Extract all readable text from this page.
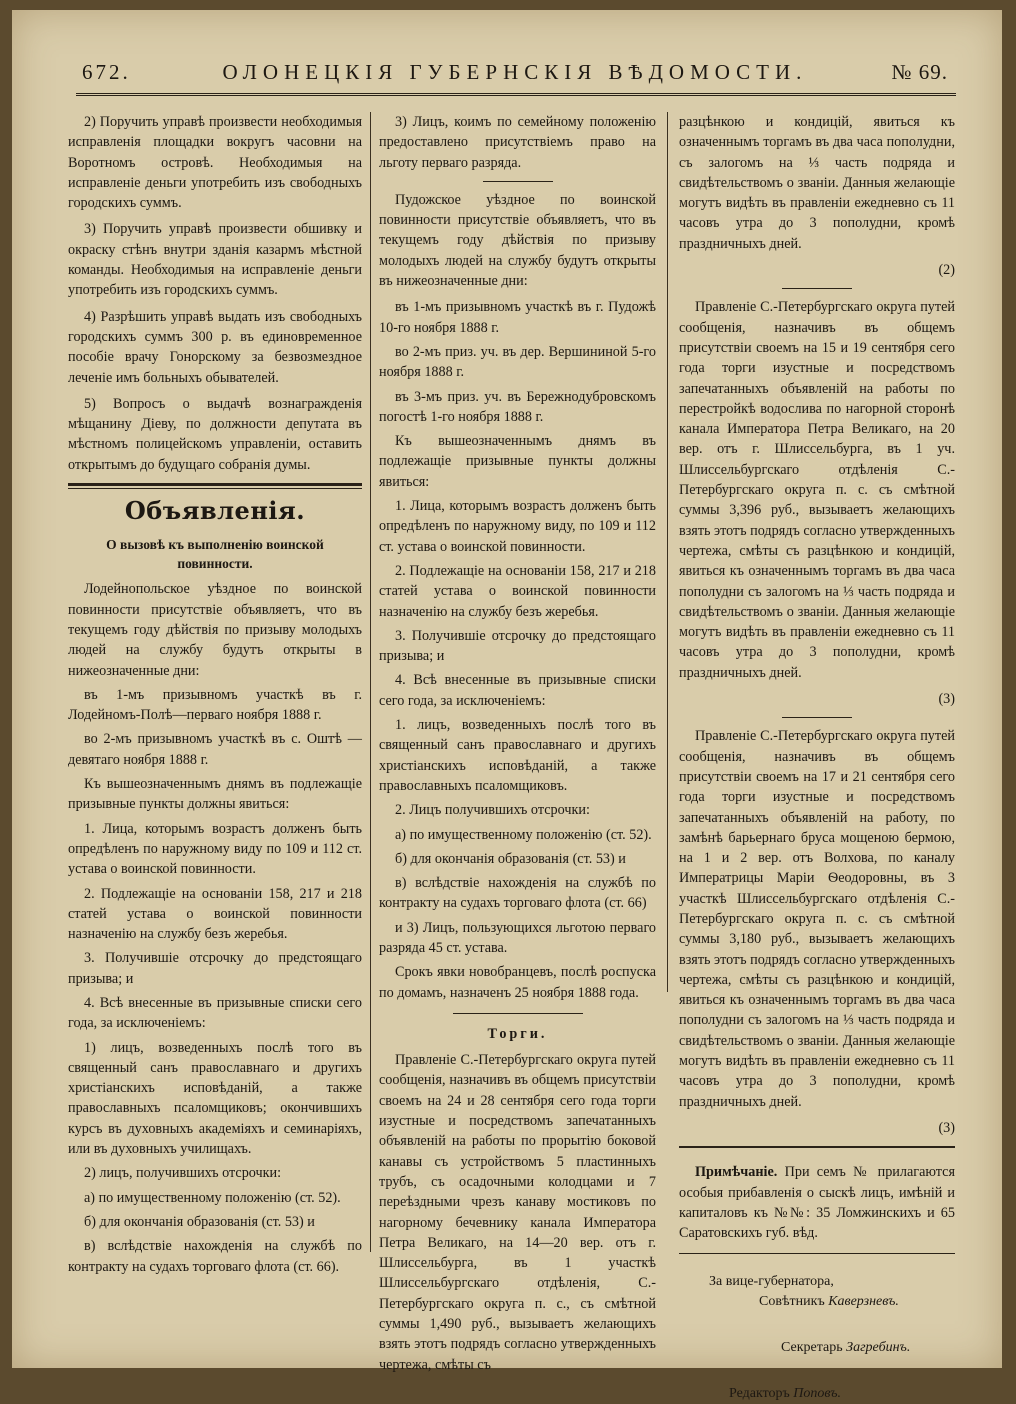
672.	ОЛОНЕЦКІЯ ГУБЕРНСКІЯ ВѢДОМОСТИ.	№ 69.

2) Поручить управѣ произвести необходимыя исправленія площадки вокругъ часовни на Воротномъ островѣ. Необходимыя на исправленіе деньги употребить изъ свободныхъ городскихъ суммъ.

3) Поручить управѣ произвести обшивку и окраску стѣнъ внутри зданія казармъ мѣстной команды. Необходимыя на исправленіе деньги употребить изъ городскихъ суммъ.

4) Разрѣшить управѣ выдать изъ свободныхъ городскихъ суммъ 300 р. въ единовременное пособіе врачу Гонорскому за безвозмездное леченіе имъ больныхъ обывателей.

5) Вопросъ о выдачѣ вознагражденія мѣщанину Діеву, по должности депутата въ мѣстномъ полицейскомъ управленіи, оставить открытымъ до будущаго собранія думы.

Объявленія.
О вызовѣ къ выполненію воинской повинности.

Лодейнопольское уѣздное по воинской повинности присутствіе объявляетъ, что въ текущемъ году дѣйствія по призыву молодыхъ людей на службу будутъ открыты в нижеозначенные дни:

въ 1-мъ призывномъ участкѣ въ г. Лодейномъ-Полѣ—перваго ноября 1888 г.

во 2-мъ призывномъ участкѣ въ с. Оштѣ —девятаго ноября 1888 г.

Къ вышеозначеннымъ днямъ въ подлежащіе призывные пункты должны явиться:

1. Лица, которымъ возрастъ долженъ быть опредѣленъ по наружному виду по 109 и 112 ст. устава о воинской повинности.

2. Подлежащіе на основаніи 158, 217 и 218 статей устава о воинской повинности назначенію на службу безъ жеребья.

3. Получившіе отсрочку до предстоящаго призыва; и

4. Всѣ внесенные въ призывные списки сего года, за исключеніемъ:

1) лицъ, возведенныхъ послѣ того въ священный санъ православнаго и другихъ христіанскихъ исповѣданій, а также православныхъ псаломщиковъ; окончившихъ курсъ въ духовныхъ академіяхъ и семинаріяхъ, или въ духовныхъ училищахъ.

2) лицъ, получившихъ отсрочки:

а) по имущественному положенію (ст. 52).

б) для окончанія образованія (ст. 53) и

в) вслѣдствіе нахожденія на службѣ по контракту на судахъ торговаго флота (ст. 66).

3) Лицъ, коимъ по семейному положенію предоставлено присутствіемъ право на льготу перваго разряда.

Пудожское уѣздное по воинской повинности присутствіе объявляетъ, что въ текущемъ году дѣйствія по призыву молодыхъ людей на службу будутъ открыты въ нижеозначенные дни:

въ 1-мъ призывномъ участкѣ въ г. Пудожѣ 10-го ноября 1888 г.

во 2-мъ приз. уч. въ дер. Вершининой 5-го ноября 1888 г.

въ 3-мъ приз. уч. въ Бережнодубровскомъ погостѣ 1-го ноября 1888 г.

Къ вышеозначеннымъ днямъ въ подлежащіе призывные пункты должны явиться:

1. Лица, которымъ возрастъ долженъ быть опредѣленъ по наружному виду, по 109 и 112 ст. устава о воинской повинности.

2. Подлежащіе на основаніи 158, 217 и 218 статей устава о воинской повинности назначенію на службу безъ жеребья.

3. Получившіе отсрочку до предстоящаго призыва; и

4. Всѣ внесенные въ призывные списки сего года, за исключеніемъ:

1. лицъ, возведенныхъ послѣ того въ священный санъ православнаго и другихъ христіанскихъ исповѣданій, а также православныхъ псаломщиковъ.

2. Лицъ получившихъ отсрочки:

а) по имущественному положенію (ст. 52).

б) для окончанія образованія (ст. 53) и

в) вслѣдствіе нахожденія на службѣ по контракту на судахъ торговаго флота (ст. 66)

и 3) Лицъ, пользующихся льготою перваго разряда 45 ст. устава.

Срокъ явки новобранцевъ, послѣ роспуска по домамъ, назначенъ 25 ноября 1888 года.

Торги.

Правленіе С.-Петербургскаго округа путей сообщенія, назначивъ въ общемъ присутствіи своемъ на 24 и 28 сентября сего года торги изустные и посредствомъ запечатанныхъ объявленій на работы по прорытію боковой канавы съ устройствомъ 5 пластинныхъ трубъ, съ осадочными колодцами и 7 переѣздными чрезъ канаву мостиковъ по нагорному бечевнику канала Императора Петра Великаго, на 14—20 вер. отъ г. Шлиссельбурга, въ 1 участкѣ Шлиссельбургскаго отдѣленія, С.-Петербургскаго округа п. с., съ смѣтной суммы 1,490 руб., вызываетъ желающихъ взять этотъ подрядъ согласно утвержденныхъ чертежа, смѣты съ

разцѣнкою и кондицій, явиться къ означеннымъ торгамъ въ два часа пополудни, съ залогомъ на ⅓ часть подряда и свидѣтельствомъ о званіи. Данныя желающіе могутъ видѣть въ правленіи ежедневно съ 11 часовъ утра до 3 пополудни, кромѣ праздничныхъ дней.

(2)

Правленіе С.-Петербургскаго округа путей сообщенія, назначивъ въ общемъ присутствіи своемъ на 15 и 19 сентября сего года торги изустные и посредствомъ запечатанныхъ объявленій на работы по перестройкѣ водослива по нагорной сторонѣ канала Императора Петра Великаго, на 20 вер. отъ г. Шлиссельбурга, въ 1 уч. Шлиссельбургскаго отдѣленія С.-Петербургскаго округа п. с. съ смѣтной суммы 3,396 руб., вызываетъ желающихъ взять этотъ подрядъ согласно утвержденныхъ чертежа, смѣты съ разцѣнкою и кондицій, явиться къ означеннымъ торгамъ въ два часа пополудни съ залогомъ на ⅓ часть подряда и свидѣтельствомъ о званіи. Данныя желающіе могутъ видѣть въ правленіи ежедневно съ 11 часовъ утра до 3 пополудни, кромѣ праздничныхъ дней.

(3)

Правленіе С.-Петербургскаго округа путей сообщенія, назначивъ въ общемъ присутствіи своемъ на 17 и 21 сентября сего года торги изустные и посредствомъ запечатанныхъ объявленій на работу, по замѣнѣ барьернаго бруса мощеною бермою, на 1 и 2 вер. отъ Волхова, по каналу Императрицы Маріи Ѳеодоровны, въ 3 участкѣ Шлиссельбургскаго отдѣленія С.-Петербургскаго округа п. с. съ смѣтной суммы 3,180 руб., вызываетъ желающихъ взять этотъ подрядъ согласно утвержденныхъ чертежа, смѣты съ разцѣнкою и кондицій, явиться къ означеннымъ торгамъ въ два часа пополудни съ залогомъ на ⅓ часть подряда и свидѣтельствомъ о званіи. Данныя желающіе могутъ видѣть въ правленіи ежедневно съ 11 часовъ утра до 3 пополудни, кромѣ праздничныхъ дней.

(3)

Примѣчаніе. При семъ № прилагаются особыя прибавленія о сыскѣ лицъ, имѣній и капиталовъ къ №№: 35 Ломжинскихъ и 65 Саратовскихъ губ. вѣд.

За вице-губернатора,
Совѣтникъ Каверзневъ.
Секретарь Загребинъ.
Редакторъ Поповъ.
